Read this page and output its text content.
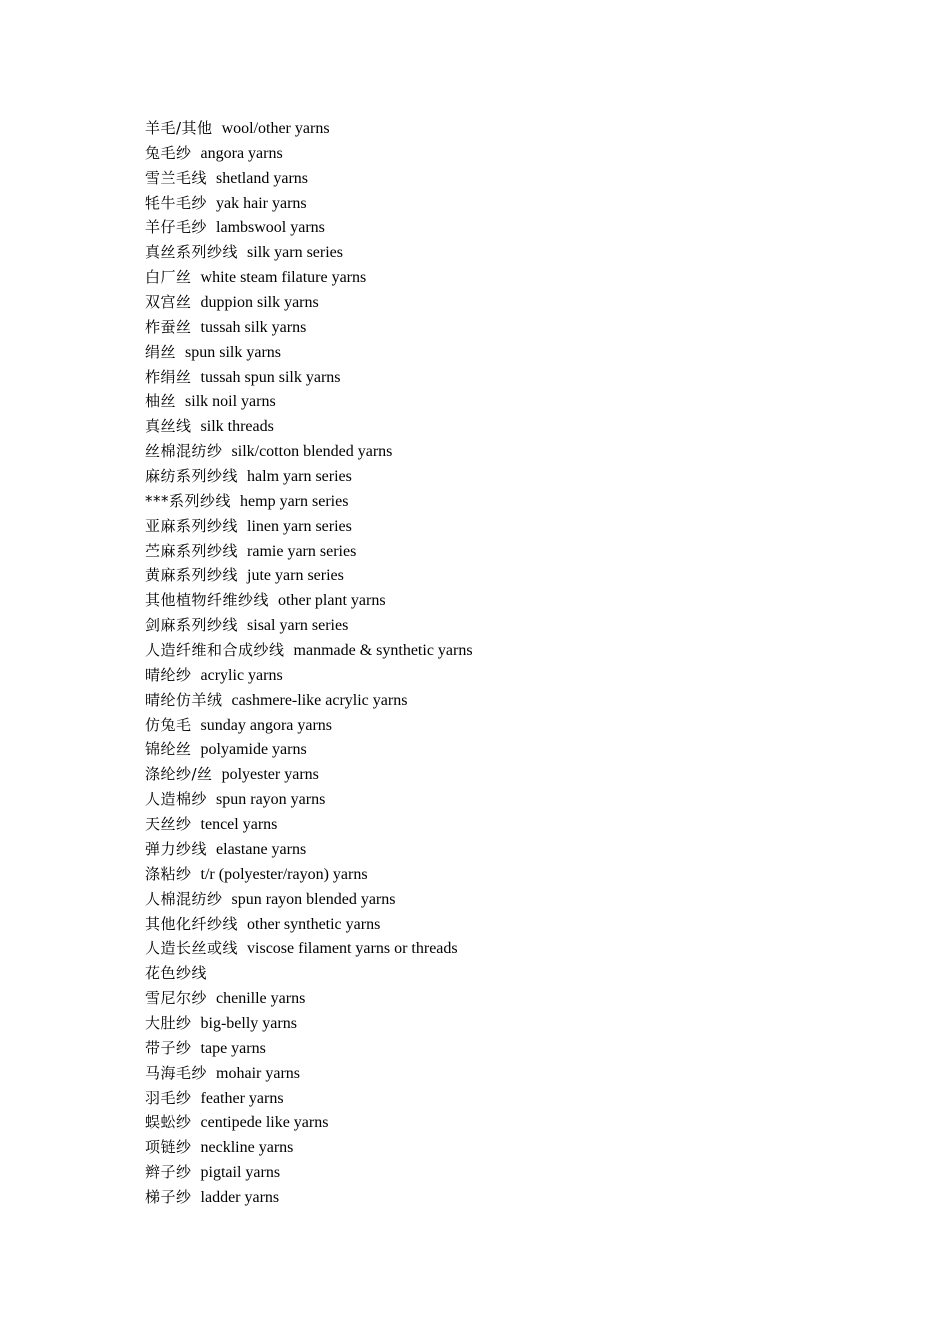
羊毛/其他 wool/other yarns
兔毛纱 angora yarns
雪兰毛线 shetland yarns
牦牛毛纱 yak hair yarns
羊仔毛纱 lambswool yarns
真丝系列纱线 silk yarn series
白厂丝 white steam filature yarns
双宫丝 duppion silk yarns
柞蚕丝 tussah silk yarns
绢丝 spun silk yarns
柞绢丝 tussah spun silk yarns
柚丝 silk noil yarns
真丝线 silk threads
丝棉混纺纱 silk/cotton blended yarns
麻纺系列纱线 halm yarn series
***系列纱线 hemp yarn series
亚麻系列纱线 linen yarn series
苎麻系列纱线 ramie yarn series
黄麻系列纱线 jute yarn series
其他植物纤维纱线 other plant yarns
剑麻系列纱线 sisal yarn series
人造纤维和合成纱线 manmade & synthetic yarns
晴纶纱 acrylic yarns
晴纶仿羊绒 cashmere-like acrylic yarns
仿兔毛 sunday angora yarns
锦纶丝 polyamide yarns
涤纶纱/丝 polyester yarns
人造棉纱 spun rayon yarns
天丝纱 tencel yarns
弹力纱线 elastane yarns
涤粘纱 t/r (polyester/rayon) yarns
人棉混纺纱 spun rayon blended yarns
其他化纤纱线 other synthetic yarns
人造长丝或线 viscose filament yarns or threads
花色纱线
雪尼尔纱 chenille yarns
大肚纱 big-belly yarns
带子纱 tape yarns
马海毛纱 mohair yarns
羽毛纱 feather yarns
蜈蚣纱 centipede like yarns
项链纱 neckline yarns
辫子纱 pigtail yarns
梯子纱 ladder yarns
